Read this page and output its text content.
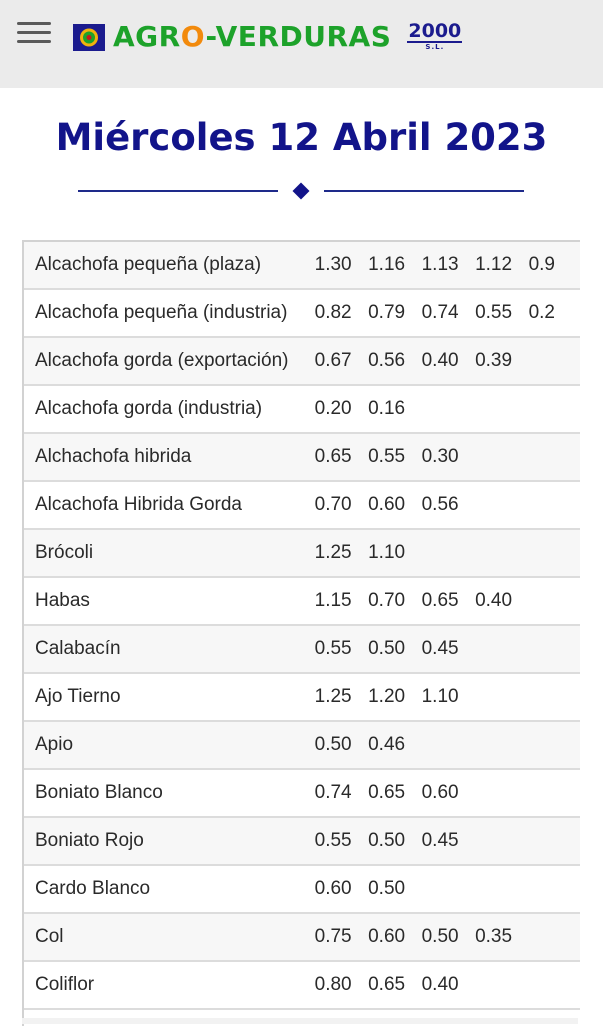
AGRO-VERDURAS 2000
S.L.
Miércoles 12 Abril 2023
Alcachofa pequeña (plaza)	1.30	1.16	1.13	1.12	0.9
Alcachofa pequeña (industria)	0.82	0.79	0.74	0.55	0.2
Alcachofa gorda (exportación)	0.67	0.56	0.40	0.39	
Alcachofa gorda (industria)	0.20	0.16			
Alchachofa hibrida	0.65	0.55	0.30		
Alcachofa Hibrida Gorda	0.70	0.60	0.56		
Brócoli	1.25	1.10			
Habas	1.15	0.70	0.65	0.40	
Calabacín	0.55	0.50	0.45		
Ajo Tierno	1.25	1.20	1.10		
Apio	0.50	0.46			
Boniato Blanco	0.74	0.65	0.60		
Boniato Rojo	0.55	0.50	0.45		
Cardo Blanco	0.60	0.50			
Col	0.75	0.60	0.50	0.35	
Coliflor	0.80	0.65	0.40		
